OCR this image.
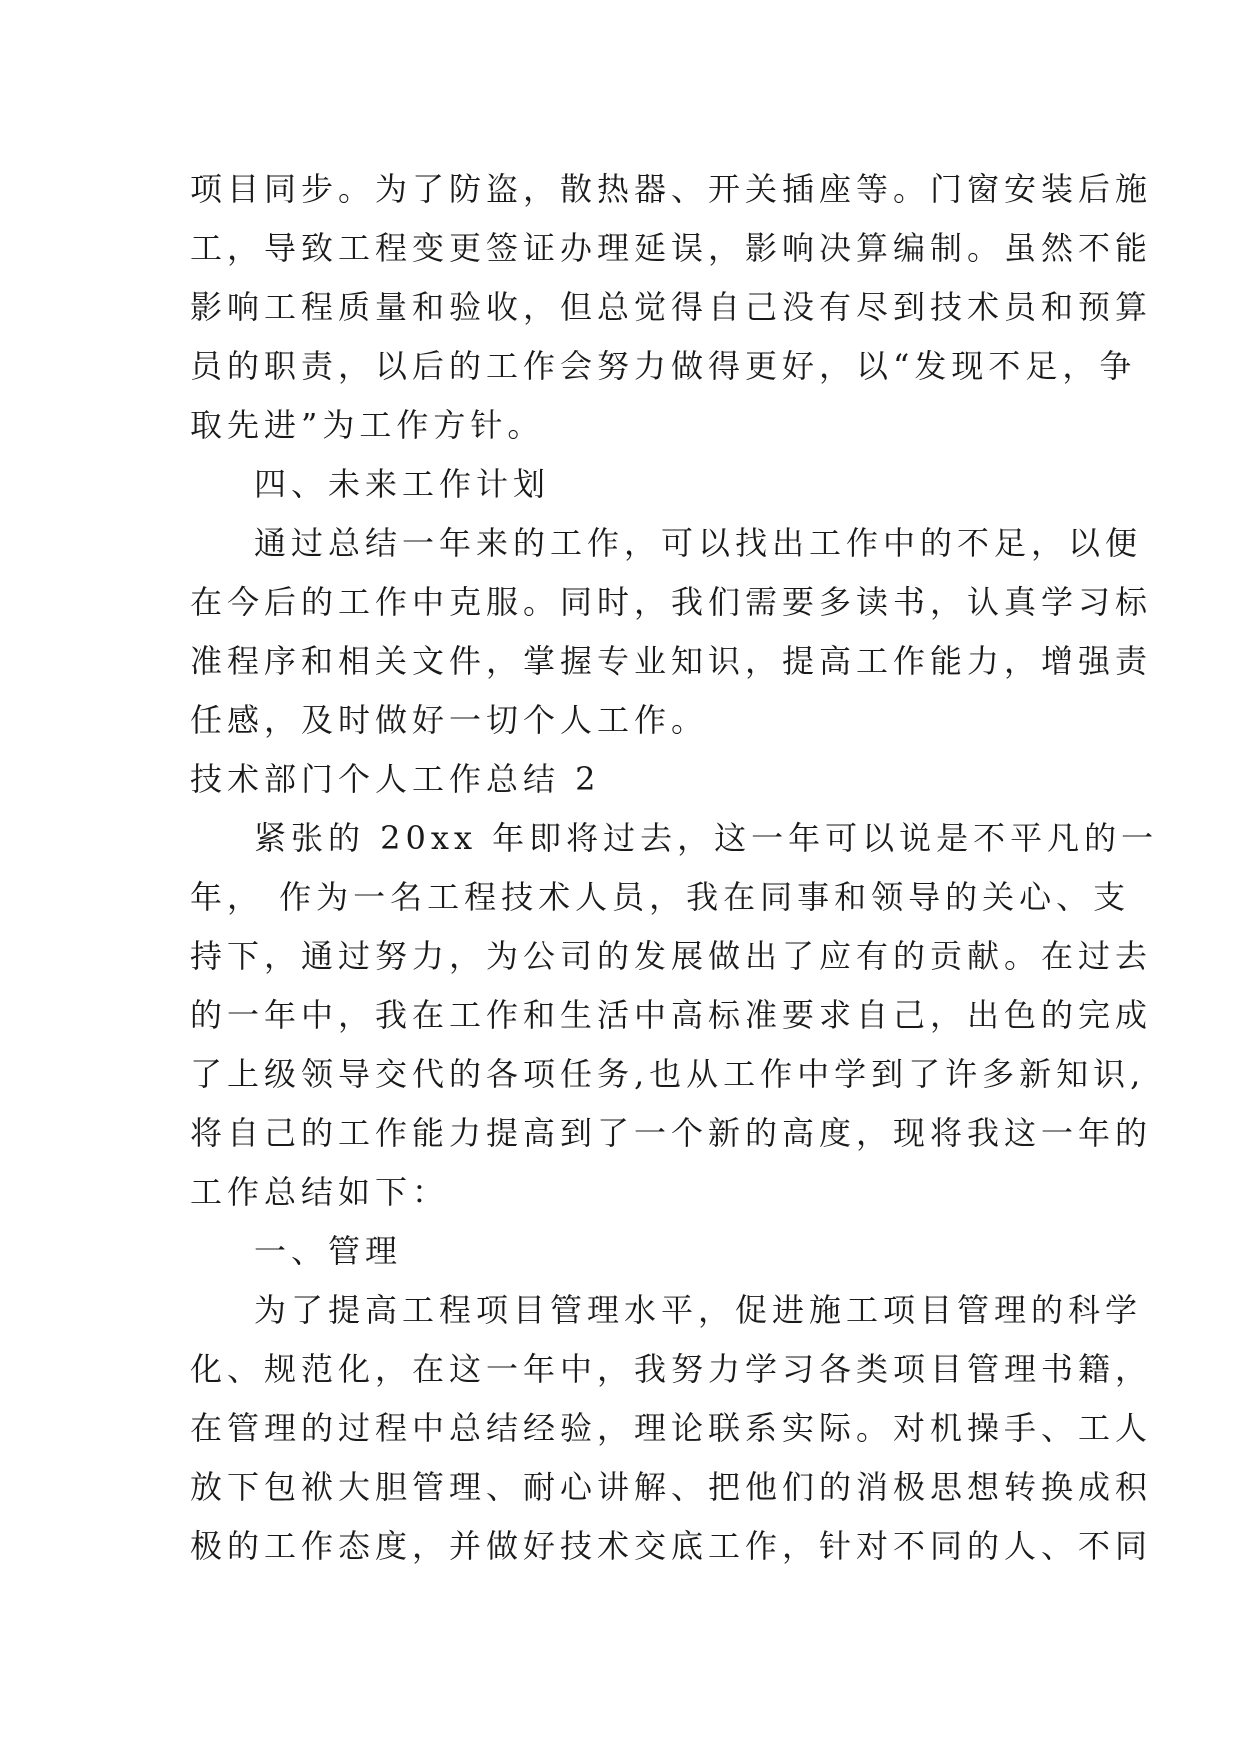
项目同步。为了防盗，散热器、开关插座等。门窗安装后施
工，导致工程变更签证办理延误，影响决算编制。虽然不能
影响工程质量和验收，但总觉得自己没有尽到技术员和预算
员的职责，以后的工作会努力做得更好，以“发现不足，争
取先进”为工作方针。
四、未来工作计划
通过总结一年来的工作，可以找出工作中的不足，以便
在今后的工作中克服。同时，我们需要多读书，认真学习标
准程序和相关文件，掌握专业知识，提高工作能力，增强责
任感，及时做好一切个人工作。
技术部门个人工作总结 2
紧张的 20xx 年即将过去，这一年可以说是不平凡的一
年， 作为一名工程技术人员，我在同事和领导的关心、支
持下，通过努力，为公司的发展做出了应有的贡献。在过去
的一年中，我在工作和生活中高标准要求自己，出色的完成
了上级领导交代的各项任务,也从工作中学到了许多新知识,
将自己的工作能力提高到了一个新的高度，现将我这一年的
工作总结如下：
一、管理
为了提高工程项目管理水平，促进施工项目管理的科学
化、规范化，在这一年中，我努力学习各类项目管理书籍，
在管理的过程中总结经验，理论联系实际。对机操手、工人
放下包袱大胆管理、耐心讲解、把他们的消极思想转换成积
极的工作态度，并做好技术交底工作，针对不同的人、不同
